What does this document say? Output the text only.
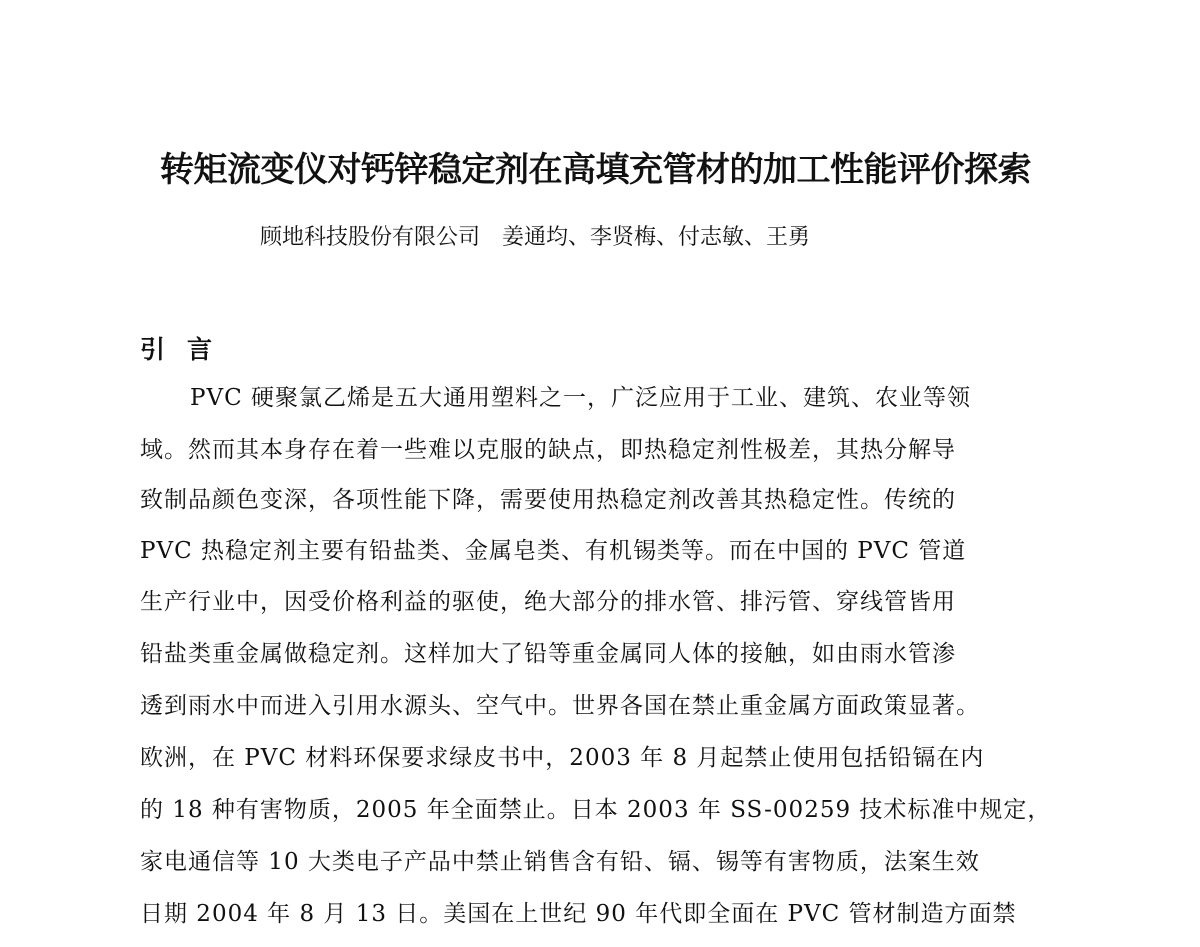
转矩流变仪对钙锌稳定剂在高填充管材的加工性能评价探索
顾地科技股份有限公司 姜通均、李贤梅、付志敏、王勇
引 言

PVC 硬聚氯乙烯是五大通用塑料之一，广泛应用于工业、建筑、农业等领

域。然而其本身存在着一些难以克服的缺点，即热稳定剂性极差，其热分解导

致制品颜色变深，各项性能下降，需要使用热稳定剂改善其热稳定性。传统的

PVC 热稳定剂主要有铅盐类、金属皂类、有机锡类等。而在中国的 PVC 管道

生产行业中，因受价格利益的驱使，绝大部分的排水管、排污管、穿线管皆用

铅盐类重金属做稳定剂。这样加大了铅等重金属同人体的接触，如由雨水管渗

透到雨水中而进入引用水源头、空气中。世界各国在禁止重金属方面政策显著。

欧洲，在 PVC 材料环保要求绿皮书中，2003 年 8 月起禁止使用包括铅镉在内

的 18 种有害物质，2005 年全面禁止。日本 2003 年 SS-00259 技术标准中规定，

家电通信等 10 大类电子产品中禁止销售含有铅、镉、锡等有害物质，法案生效

日期 2004 年 8 月 13 日。美国在上世纪 90 年代即全面在 PVC 管材制造方面禁
